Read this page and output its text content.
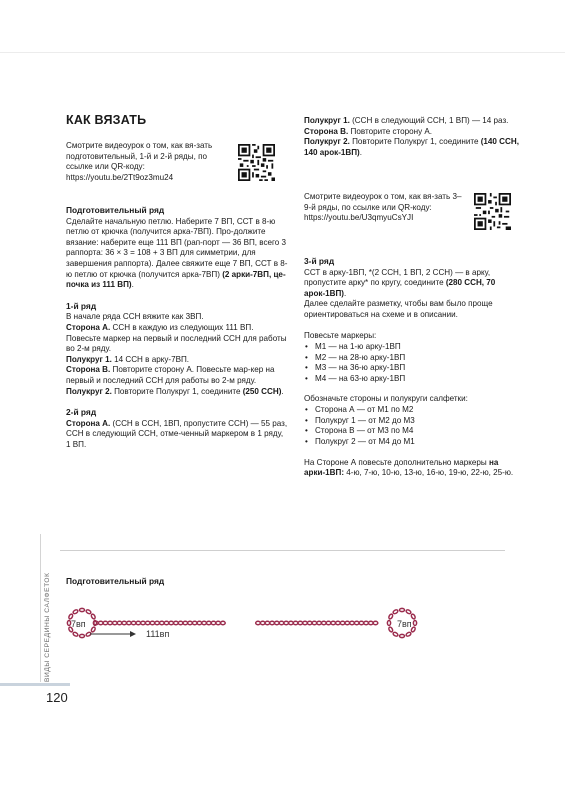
КАК ВЯЗАТЬ

Смотрите видеоурок о том, как вя-зать подготовительный, 1-й и 2-й ряды, по ссылке или QR-коду: https://youtu.be/2Tt9oz3mu24

Подготовительный ряд
Сделайте начальную петлю. Наберите 7 ВП, ССТ в 8-ю петлю от крючка (получится арка-7ВП). Про-должите вязание: наберите еще 111 ВП (рап-порт — 36 ВП, всего 3 раппорта: 36 × 3 = 108 + 3 ВП для симметрии, для завершения раппорта). Далее свяжите еще 7 ВП, ССТ в 8-ю петлю от крючка (получится арка-7ВП) (2 арки-7ВП, це-почка из 111 ВП).

1-й ряд
В начале ряда ССН вяжите как 3ВП.
Сторона А. ССН в каждую из следующих 111 ВП. Повесьте маркер на первый и последний ССН для работы во 2-м ряду.
Полукруг 1. 14 ССН в арку-7ВП.
Сторона В. Повторите сторону А. Повесьте мар-кер на первый и последний ССН для работы во 2-м ряду.
Полукруг 2. Повторите Полукруг 1, соедините (250 ССН).

2-й ряд
Сторона А. (ССН в ССН, 1ВП, пропустите ССН) — 55 раз, ССН в следующий ССН, отме-ченный маркером в 1 ряду, 1 ВП.

Полукруг 1. (ССН в следующий ССН, 1 ВП) — 14 раз.
Сторона В. Повторите сторону А.
Полукруг 2. Повторите Полукруг 1, соедините (140 ССН, 140 арок-1ВП).

Смотрите видеоурок о том, как вя-зать 3–9-й ряды, по ссылке или QR-коду: https://youtu.be/U3qmyuCsYJI

3-й ряд
ССТ в арку-1ВП, *(2 ССН, 1 ВП, 2 ССН) — в арку, пропустите арку* по кругу, соедините (280 ССН, 70 арок-1ВП).
Далее сделайте разметку, чтобы вам было проще ориентироваться на схеме и в описании.

Повесьте маркеры:

• М1 — на 1-ю арку-1ВП
• М2 — на 28-ю арку-1ВП
• М3 — на 36-ю арку-1ВП
• М4 — на 63-ю арку-1ВП

Обозначьте стороны и полукруги салфетки:

• Сторона А — от М1 по М2
• Полукруг 1 — от М2 до М3
• Сторона В — от М3 по М4
• Полукруг 2 — от М4 до М1

На Стороне А повесьте дополнительно маркеры на арки-1ВП: 4-ю, 7-ю, 10-ю, 13-ю, 16-ю, 19-ю, 22-ю, 25-ю.

Подготовительный ряд
7вп	7вп
111вп
ВИДЫ СЕРЕДИНЫ САЛФЕТОК
120
